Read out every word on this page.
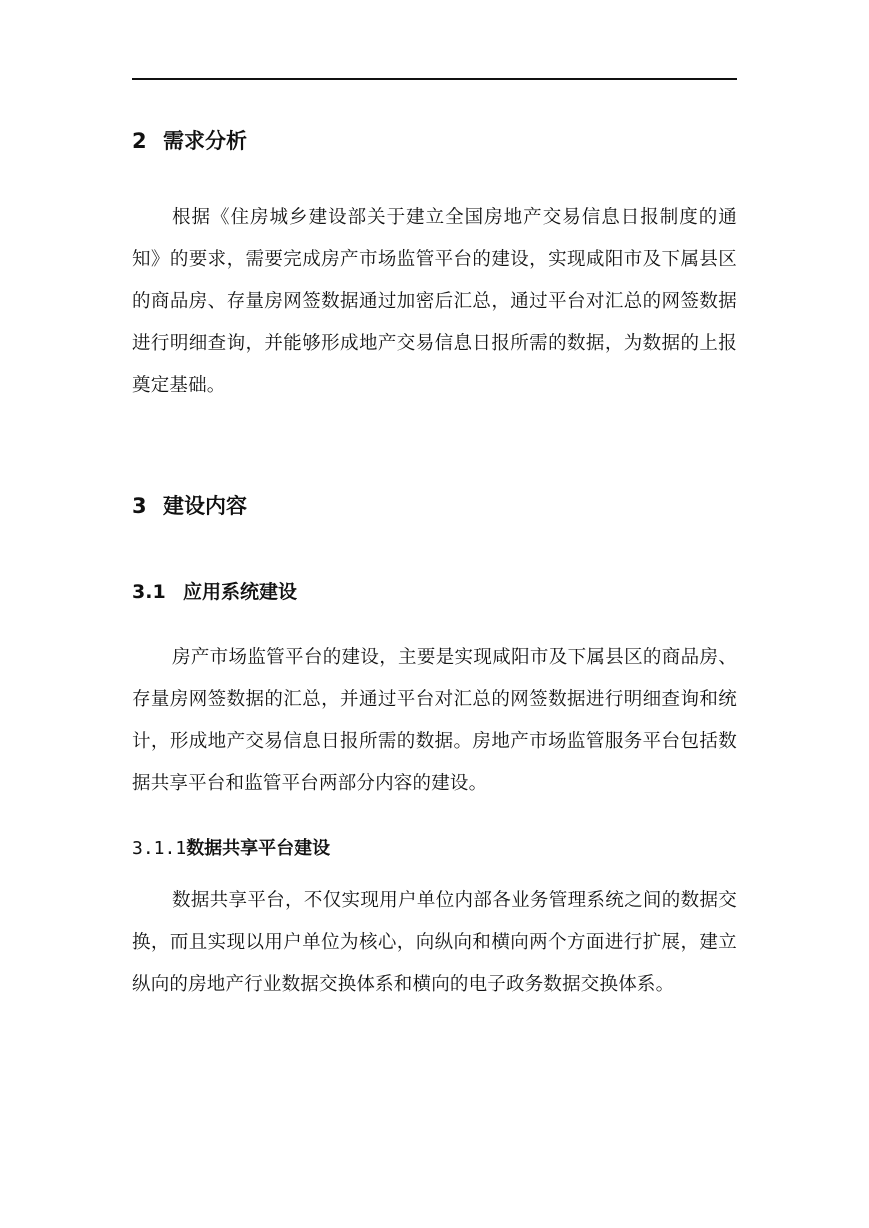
2 需求分析

根据《住房城乡建设部关于建立全国房地产交易信息日报制度的通知》的要求，需要完成房产市场监管平台的建设，实现咸阳市及下属县区的商品房、存量房网签数据通过加密后汇总，通过平台对汇总的网签数据进行明细查询，并能够形成地产交易信息日报所需的数据，为数据的上报奠定基础。

3 建设内容
3.1 应用系统建设

房产市场监管平台的建设，主要是实现咸阳市及下属县区的商品房、存量房网签数据的汇总，并通过平台对汇总的网签数据进行明细查询和统计，形成地产交易信息日报所需的数据。房地产市场监管服务平台包括数据共享平台和监管平台两部分内容的建设。

3.1.1数据共享平台建设

数据共享平台，不仅实现用户单位内部各业务管理系统之间的数据交换，而且实现以用户单位为核心，向纵向和横向两个方面进行扩展，建立纵向的房地产行业数据交换体系和横向的电子政务数据交换体系。
